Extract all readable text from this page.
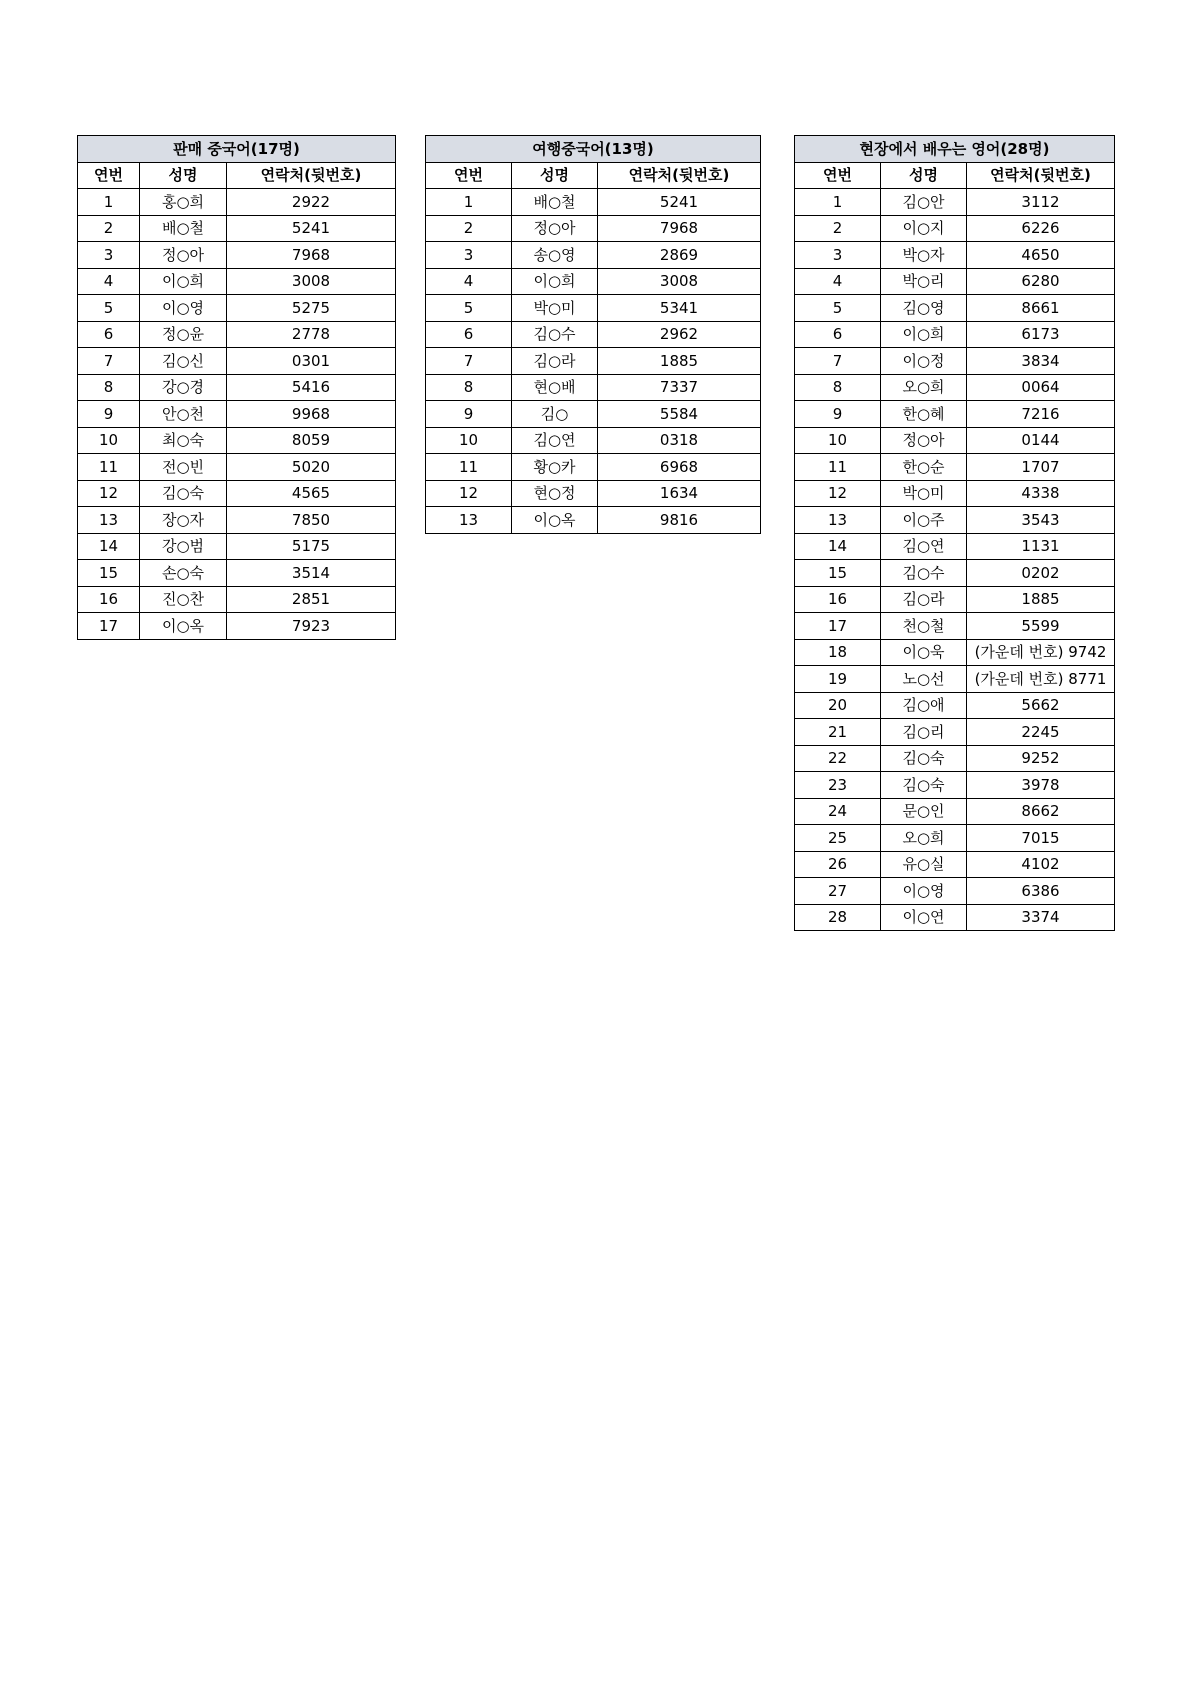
판매 중국어(17명)		
연번	성명	연락처(뒷번호)
1	홍○희	2922
2	배○철	5241
3	정○아	7968
4	이○희	3008
5	이○영	5275
6	정○윤	2778
7	김○신	0301
8	강○경	5416
9	안○천	9968
10	최○숙	8059
11	전○빈	5020
12	김○숙	4565
13	장○자	7850
14	강○범	5175
15	손○숙	3514
16	진○찬	2851
17	이○옥	7923
여행중국어(13명)		
연번	성명	연락처(뒷번호)
1	배○철	5241
2	정○아	7968
3	송○영	2869
4	이○희	3008
5	박○미	5341
6	김○수	2962
7	김○라	1885
8	현○배	7337
9	김○	5584
10	김○연	0318
11	황○카	6968
12	현○정	1634
13	이○옥	9816
현장에서 배우는 영어(28명)		
연번	성명	연락처(뒷번호)
1	김○안	3112
2	이○지	6226
3	박○자	4650
4	박○리	6280
5	김○영	8661
6	이○희	6173
7	이○정	3834
8	오○희	0064
9	한○혜	7216
10	정○아	0144
11	한○순	1707
12	박○미	4338
13	이○주	3543
14	김○연	1131
15	김○수	0202
16	김○라	1885
17	천○철	5599
18	이○욱	(가운데 번호) 9742
19	노○선	(가운데 번호) 8771
20	김○애	5662
21	김○리	2245
22	김○숙	9252
23	김○숙	3978
24	문○인	8662
25	오○희	7015
26	유○실	4102
27	이○영	6386
28	이○연	3374
